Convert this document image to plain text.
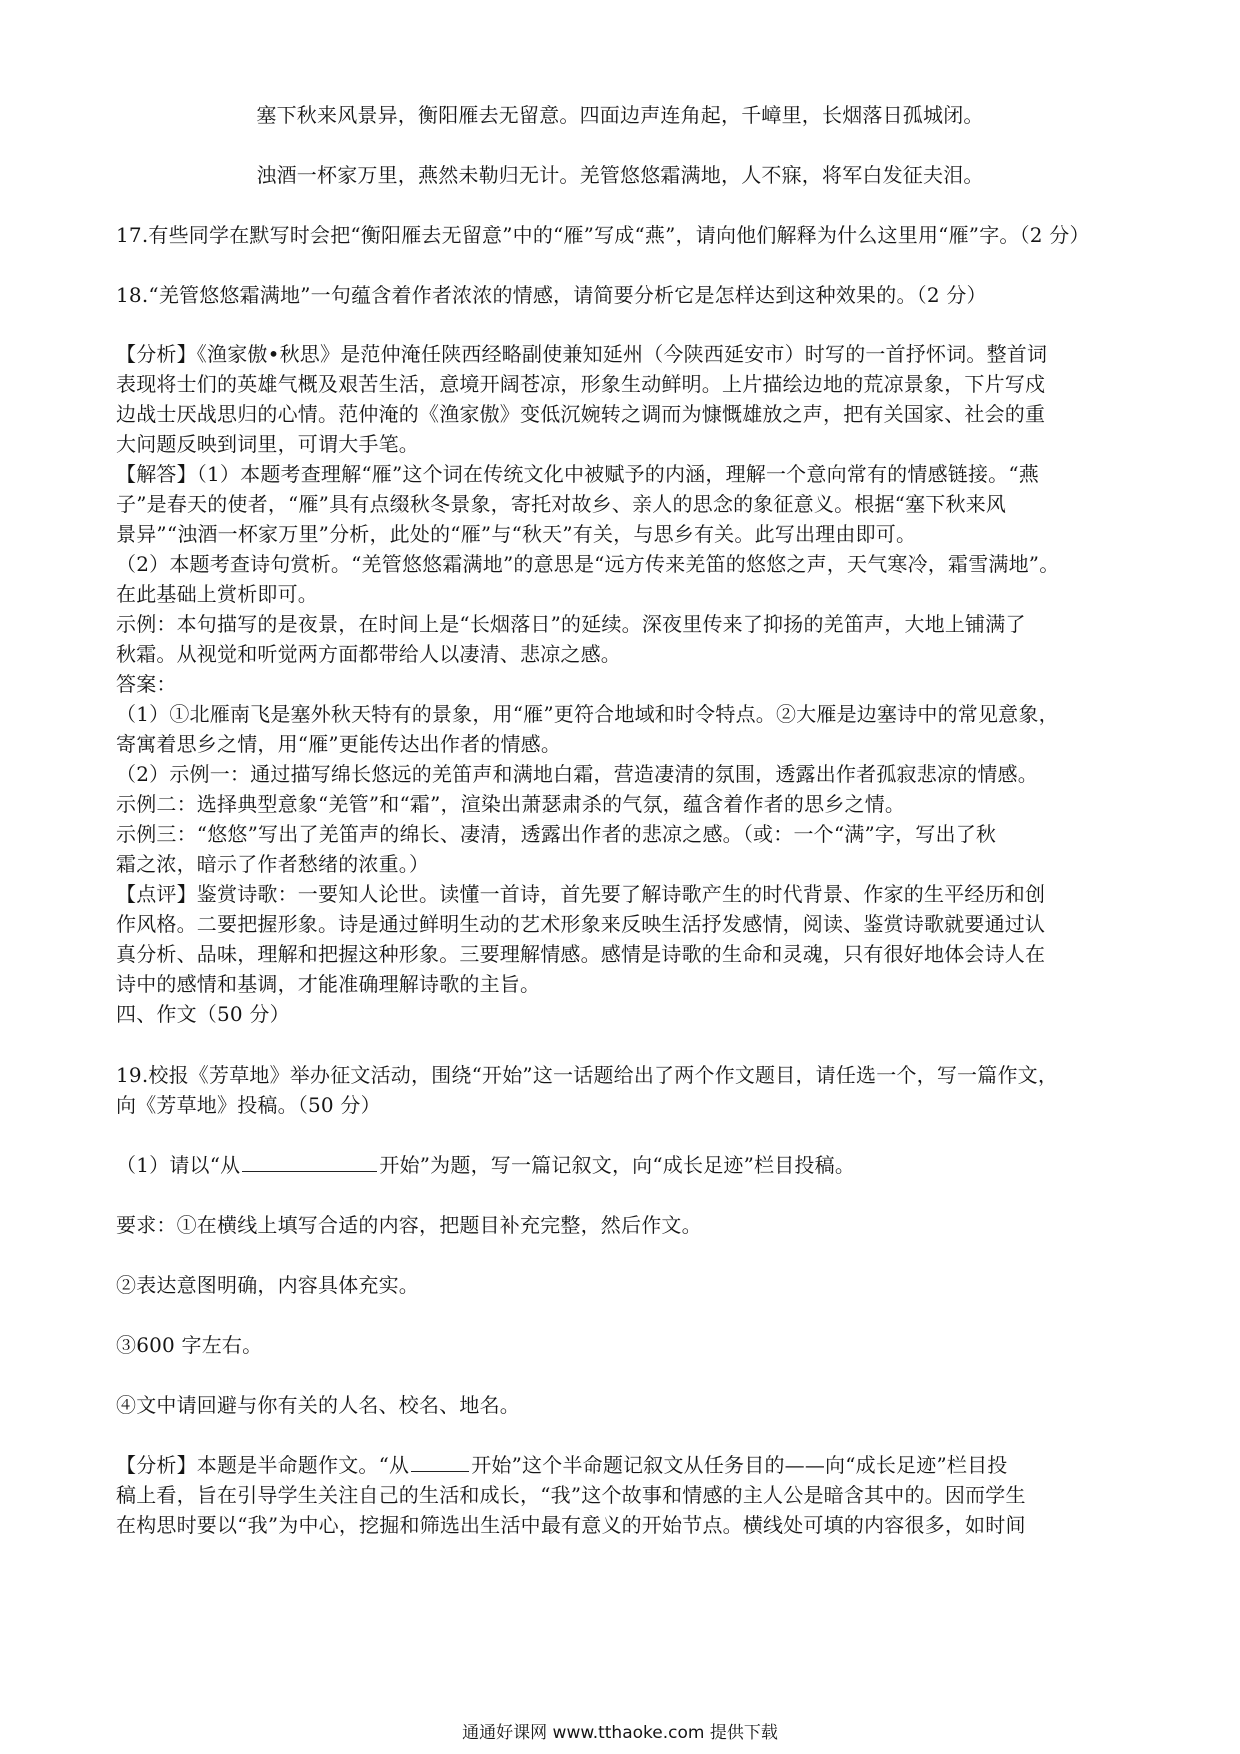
塞下秋来风景异，衡阳雁去无留意。四面边声连角起，千嶂里，长烟落日孤城闭。
浊酒一杯家万里，燕然未勒归无计。羌管悠悠霜满地，人不寐，将军白发征夫泪。
17.有些同学在默写时会把“衡阳雁去无留意”中的“雁”写成“燕”，请向他们解释为什么这里用“雁”字。（2 分）
18.“羌管悠悠霜满地”一句蕴含着作者浓浓的情感，请简要分析它是怎样达到这种效果的。（2 分）
【分析】《渔家傲•秋思》是范仲淹任陕西经略副使兼知延州（今陕西延安市）时写的一首抒怀词。整首词
表现将士们的英雄气概及艰苦生活，意境开阔苍凉，形象生动鲜明。上片描绘边地的荒凉景象，下片写戍
边战士厌战思归的心情。范仲淹的《渔家傲》变低沉婉转之调而为慷慨雄放之声，把有关国家、社会的重
大问题反映到词里，可谓大手笔。
【解答】（1）本题考查理解“雁”这个词在传统文化中被赋予的内涵，理解一个意向常有的情感链接。“燕
子”是春天的使者，“雁”具有点缀秋冬景象，寄托对故乡、亲人的思念的象征意义。根据“塞下秋来风
景异”“浊酒一杯家万里”分析，此处的“雁”与“秋天”有关，与思乡有关。此写出理由即可。
（2）本题考查诗句赏析。“羌管悠悠霜满地”的意思是“远方传来羌笛的悠悠之声，天气寒冷，霜雪满地”。
在此基础上赏析即可。
示例：本句描写的是夜景，在时间上是“长烟落日”的延续。深夜里传来了抑扬的羌笛声，大地上铺满了
秋霜。从视觉和听觉两方面都带给人以凄清、悲凉之感。
答案：
（1）①北雁南飞是塞外秋天特有的景象，用“雁”更符合地域和时令特点。②大雁是边塞诗中的常见意象，
寄寓着思乡之情，用“雁”更能传达出作者的情感。
（2）示例一：通过描写绵长悠远的羌笛声和满地白霜，营造凄清的氛围，透露出作者孤寂悲凉的情感。
示例二：选择典型意象“羌管”和“霜”，渲染出萧瑟肃杀的气氛，蕴含着作者的思乡之情。
示例三：“悠悠”写出了羌笛声的绵长、凄清，透露出作者的悲凉之感。（或：一个“满”字，写出了秋
霜之浓，暗示了作者愁绪的浓重。）
【点评】鉴赏诗歌：一要知人论世。读懂一首诗，首先要了解诗歌产生的时代背景、作家的生平经历和创
作风格。二要把握形象。诗是通过鲜明生动的艺术形象来反映生活抒发感情，阅读、鉴赏诗歌就要通过认
真分析、品味，理解和把握这种形象。三要理解情感。感情是诗歌的生命和灵魂，只有很好地体会诗人在
诗中的感情和基调，才能准确理解诗歌的主旨。
四、作文（50 分）
19.校报《芳草地》举办征文活动，围绕“开始”这一话题给出了两个作文题目，请任选一个，写一篇作文，
向《芳草地》投稿。（50 分）
（1）请以“从	开始”为题，写一篇记叙文，向“成长足迹”栏目投稿。
要求：①在横线上填写合适的内容，把题目补充完整，然后作文。
②表达意图明确，内容具体充实。
③600 字左右。
④文中请回避与你有关的人名、校名、地名。
【分析】本题是半命题作文。“从	开始”这个半命题记叙文从任务目的——向“成长足迹”栏目投
稿上看，旨在引导学生关注自己的生活和成长，“我”这个故事和情感的主人公是暗含其中的。因而学生
在构思时要以“我”为中心，挖掘和筛选出生活中最有意义的开始节点。横线处可填的内容很多，如时间
通通好课网 www.tthaoke.com 提供下载
